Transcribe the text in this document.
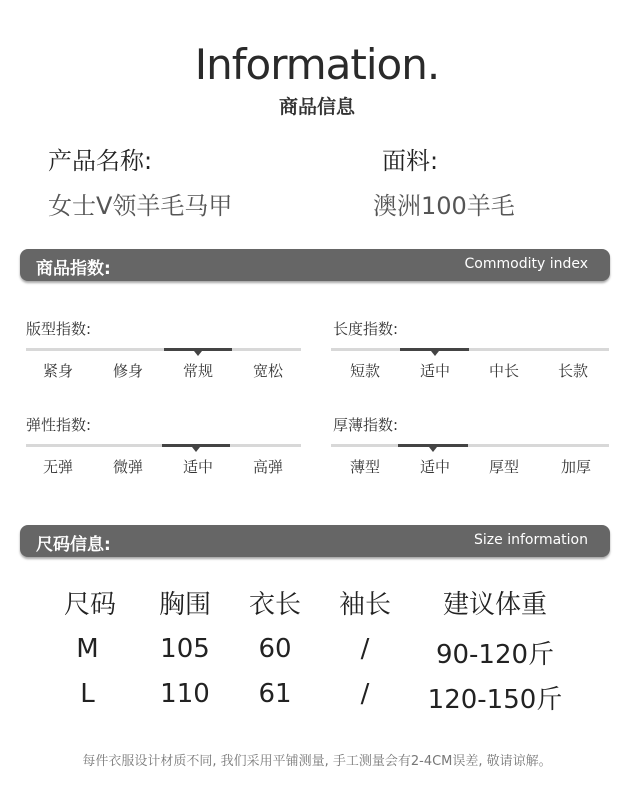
Information.
商品信息
产品名称:
女士V领羊毛马甲
面料:
澳洲100羊毛
商品指数:	Commodity index
版型指数:
紧身	修身	常规	宽松
长度指数:
短款	适中	中长	长款
弹性指数:
无弹	微弹	适中	高弹
厚薄指数:
薄型	适中	厚型	加厚
尺码信息:	Size information
尺码	胸围	衣长	袖长	建议体重
M	105	60	/	90-120斤
L	110	61	/	120-150斤
每件衣服设计材质不同, 我们采用平铺测量, 手工测量会有2-4CM误差, 敬请谅解。
